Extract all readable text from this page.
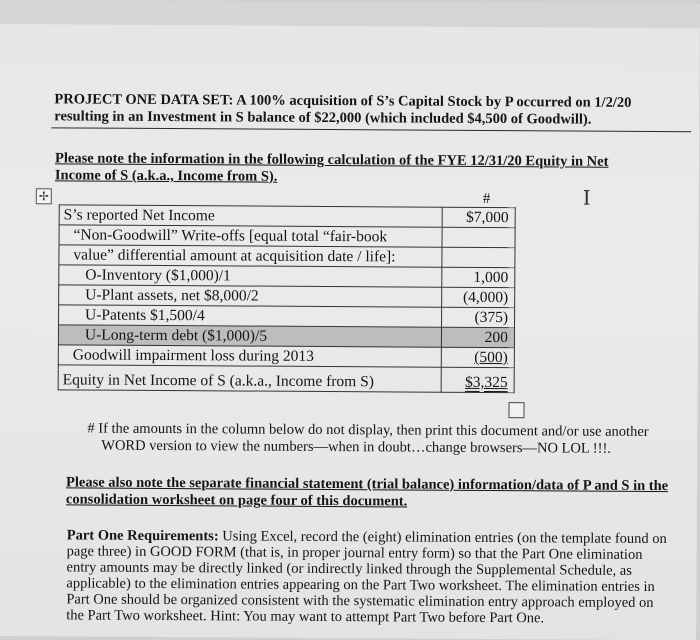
PROJECT ONE DATA SET: A 100% acquisition of S’s Capital Stock by P occurred on 1/2/20

resulting in an Investment in S balance of $22,000 (which included $4,500 of Goodwill).

Please note the information in the following calculation of the FYE 12/31/20 Equity in Net

Income of S (a.k.a., Income from S).

✢	I
#
S’s reported Net Income	$7,000
“Non-Goodwill” Write-offs [equal total “fair-book	
value” differential amount at acquisition date / life]:	
O-Inventory ($1,000)/1	1,000
U-Plant assets, net $8,000/2	(4,000)
U-Patents $1,500/4	(375)
U-Long-term debt ($1,000)/5	200
Goodwill impairment loss during 2013	(500)
Equity in Net Income of S (a.k.a., Income from S)	$3,325

# If the amounts in the column below do not display, then print this document and/or use another

WORD version to view the numbers—when in doubt…change browsers—NO LOL !!!.

Please also note the separate financial statement (trial balance) information/data of P and S in the

consolidation worksheet on page four of this document.

Part One Requirements: Using Excel, record the (eight) elimination entries (on the template found on

page three) in GOOD FORM (that is, in proper journal entry form) so that the Part One elimination

entry amounts may be directly linked (or indirectly linked through the Supplemental Schedule, as

applicable) to the elimination entries appearing on the Part Two worksheet. The elimination entries in

Part One should be organized consistent with the systematic elimination entry approach employed on

the Part Two worksheet. Hint: You may want to attempt Part Two before Part One.
